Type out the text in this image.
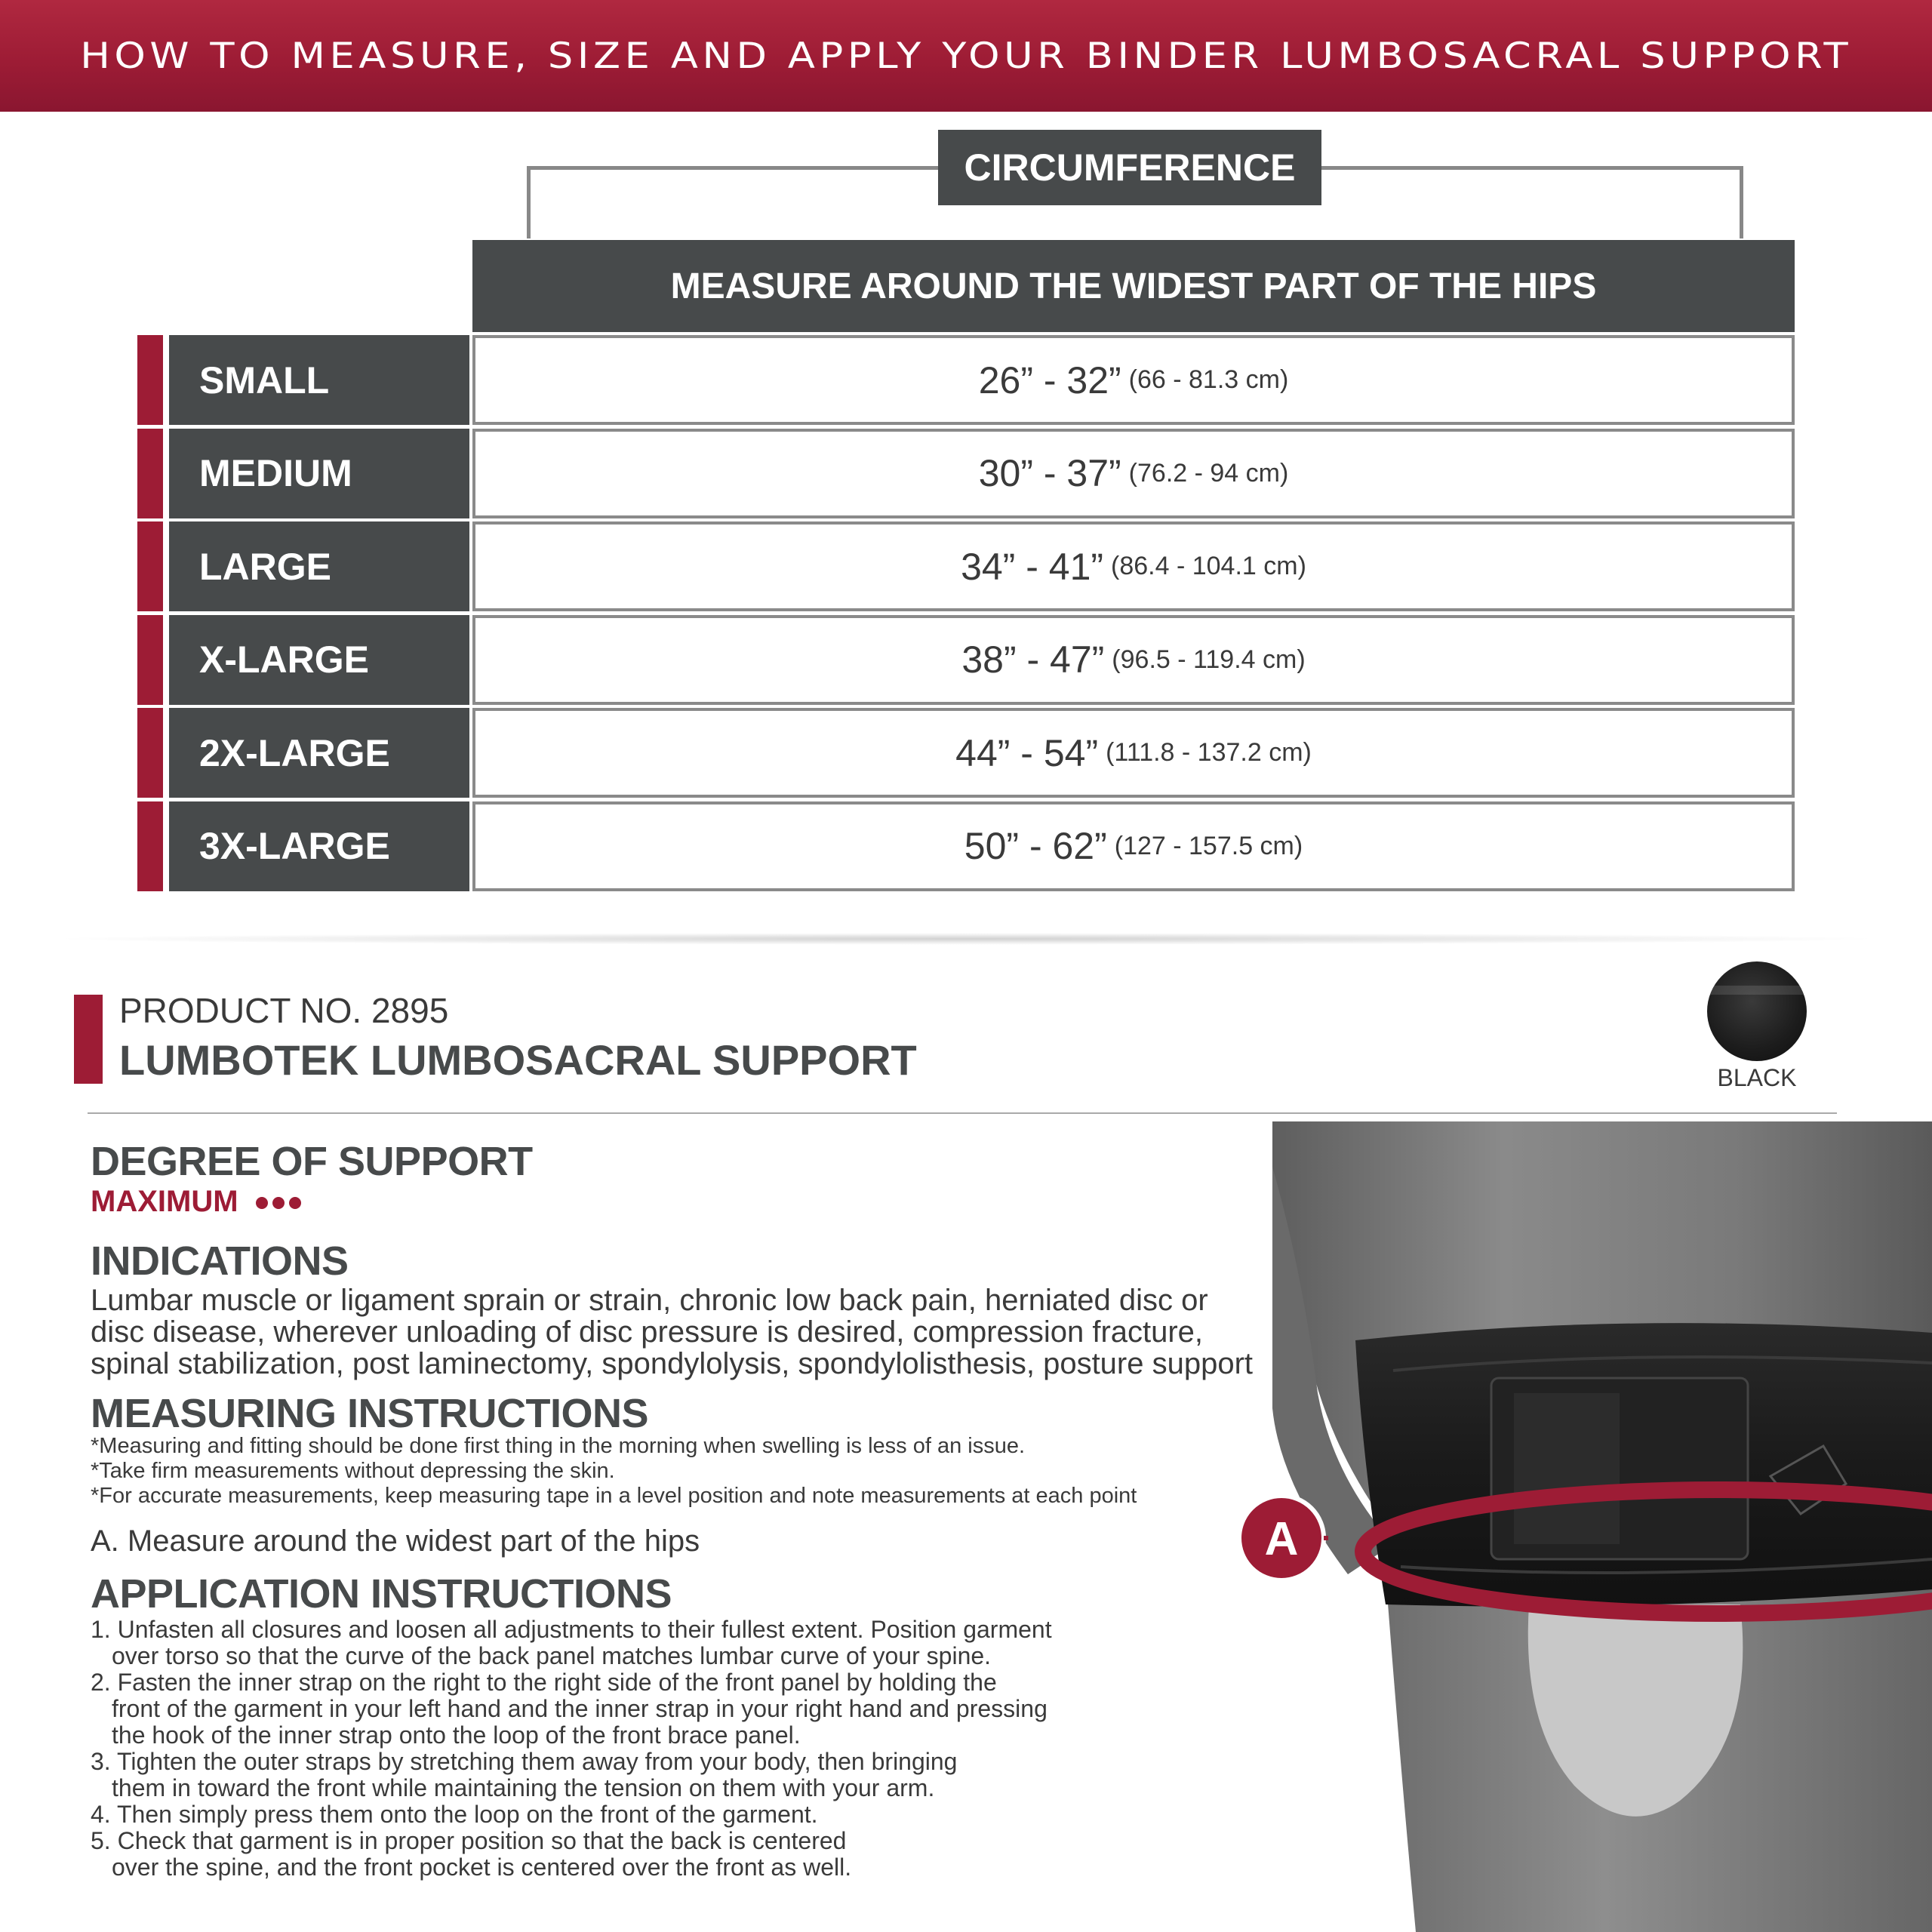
HOW TO MEASURE, SIZE AND APPLY YOUR BINDER LUMBOSACRAL SUPPORT
CIRCUMFERENCE
MEASURE AROUND THE WIDEST PART OF THE HIPS
SMALL	26” - 32” (66 - 81.3 cm)
MEDIUM	30” - 37” (76.2 - 94 cm)
LARGE	34” - 41” (86.4 - 104.1 cm)
X-LARGE	38” - 47” (96.5 - 119.4 cm)
2X-LARGE	44” - 54” (111.8 - 137.2 cm)
3X-LARGE	50” - 62” (127 - 157.5 cm)
PRODUCT NO. 2895
LUMBOTEK LUMBOSACRAL SUPPORT	BLACK
DEGREE OF SUPPORT
MAXIMUM
INDICATIONS
Lumbar muscle or ligament sprain or strain, chronic low back pain, herniated disc or
disc disease, wherever unloading of disc pressure is desired, compression fracture,
spinal stabilization, post laminectomy, spondylolysis, spondylolisthesis, posture support
MEASURING INSTRUCTIONS
*Measuring and fitting should be done first thing in the morning when swelling is less of an issue.
*Take firm measurements without depressing the skin.
*For accurate measurements, keep measuring tape in a level position and note measurements at each point
A. Measure around the widest part of the hips
APPLICATION INSTRUCTIONS
1. Unfasten all closures and loosen all adjustments to their fullest extent. Position garment
over torso so that the curve of the back panel matches lumbar curve of your spine.
2. Fasten the inner strap on the right to the right side of the front panel by holding the
front of the garment in your left hand and the inner strap in your right hand and pressing
the hook of the inner strap onto the loop of the front brace panel.
3. Tighten the outer straps by stretching them away from your body, then bringing
them in toward the front while maintaining the tension on them with your arm.
4. Then simply press them onto the loop on the front of the garment.
5. Check that garment is in proper position so that the back is centered
over the spine, and the front pocket is centered over the front as well.
A
